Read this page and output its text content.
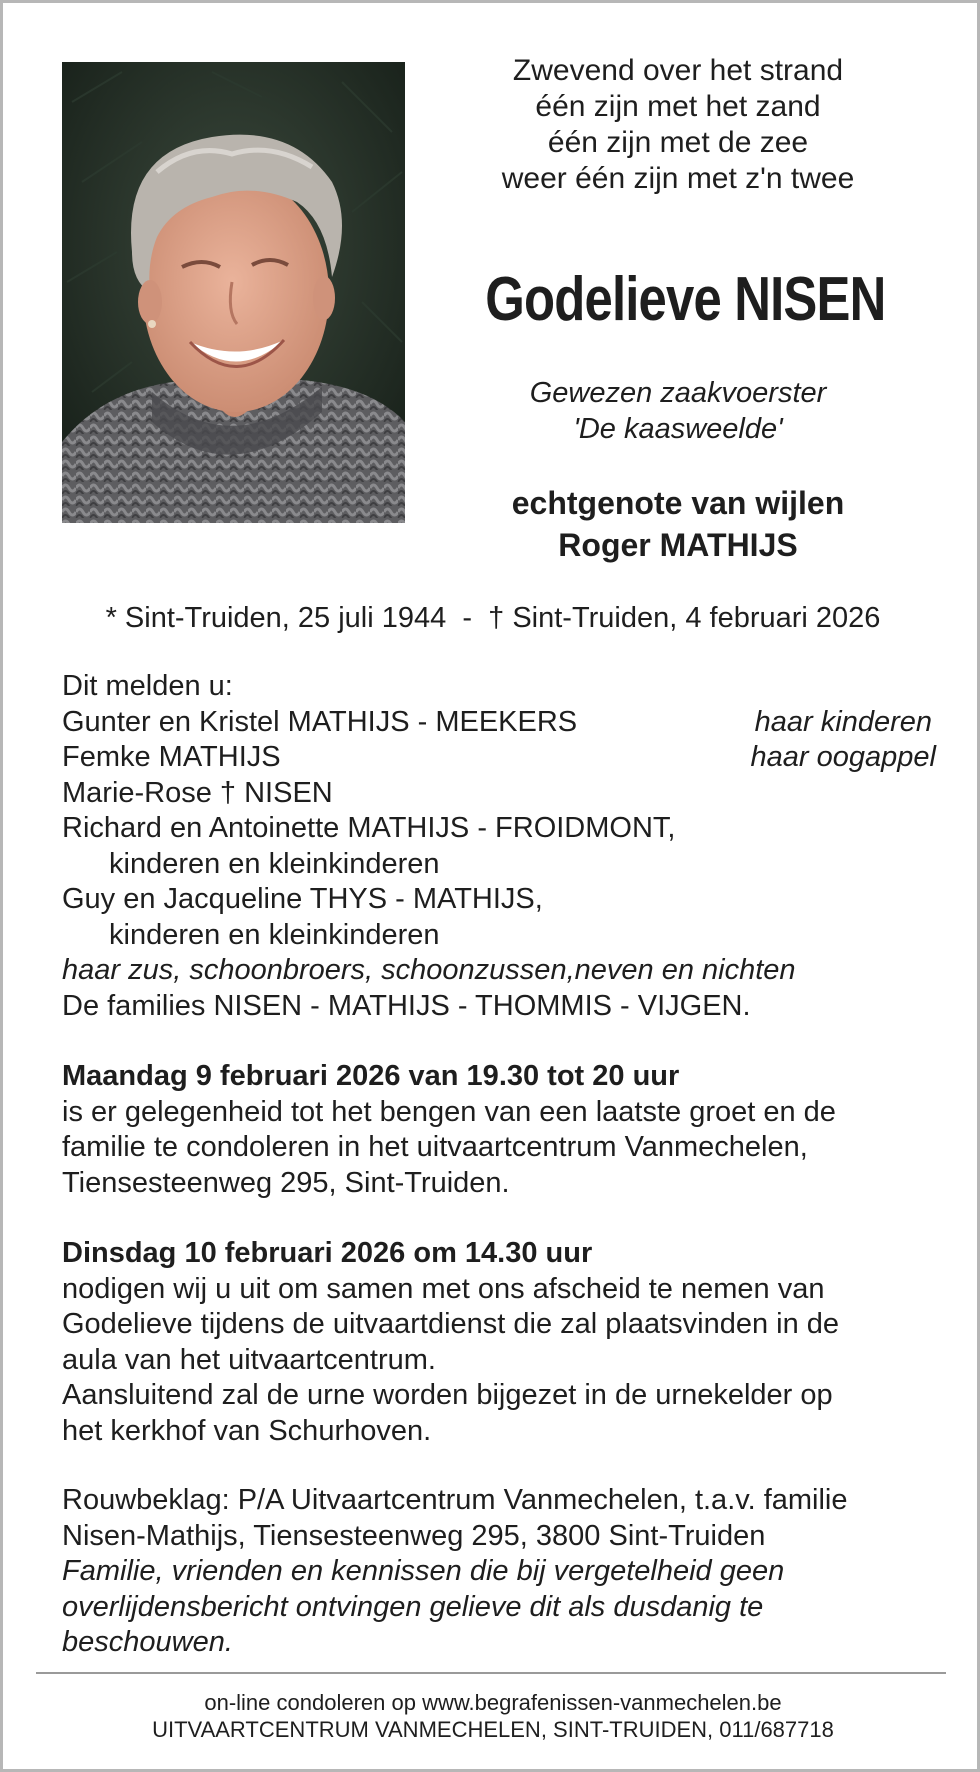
Zwevend over het strand
één zijn met het zand
één zijn met de zee
weer één zijn met z'n twee
Godelieve NISEN
Gewezen zaakvoerster
'De kaasweelde'
echtgenote van wijlen
Roger MATHIJS
* Sint-Truiden, 25 juli 1944  -  † Sint-Truiden, 4 februari 2026
Dit melden u:
Gunter en Kristel MATHIJS - MEEKERS	haar kinderen
Femke MATHIJS	haar oogappel
Marie-Rose † NISEN
Richard en Antoinette MATHIJS - FROIDMONT,
kinderen en kleinkinderen
Guy en Jacqueline THYS - MATHIJS,
kinderen en kleinkinderen
haar zus, schoonbroers, schoonzussen,neven en nichten
De families NISEN - MATHIJS - THOMMIS - VIJGEN.
Maandag 9 februari 2026 van 19.30 tot 20 uur
is er gelegenheid tot het bengen van een laatste groet en de
familie te condoleren in het uitvaartcentrum Vanmechelen,
Tiensesteenweg 295, Sint-Truiden.
Dinsdag 10 februari 2026 om 14.30 uur
nodigen wij u uit om samen met ons afscheid te nemen van
Godelieve tijdens de uitvaartdienst die zal plaatsvinden in de
aula van het uitvaartcentrum.
Aansluitend zal de urne worden bijgezet in de urnekelder op
het kerkhof van Schurhoven.
Rouwbeklag: P/A Uitvaartcentrum Vanmechelen, t.a.v. familie
Nisen-Mathijs, Tiensesteenweg 295, 3800 Sint-Truiden
Familie, vrienden en kennissen die bij vergetelheid geen
overlijdensbericht ontvingen gelieve dit als dusdanig te
beschouwen.
on-line condoleren op www.begrafenissen-vanmechelen.be
UITVAARTCENTRUM VANMECHELEN, SINT-TRUIDEN, 011/687718
